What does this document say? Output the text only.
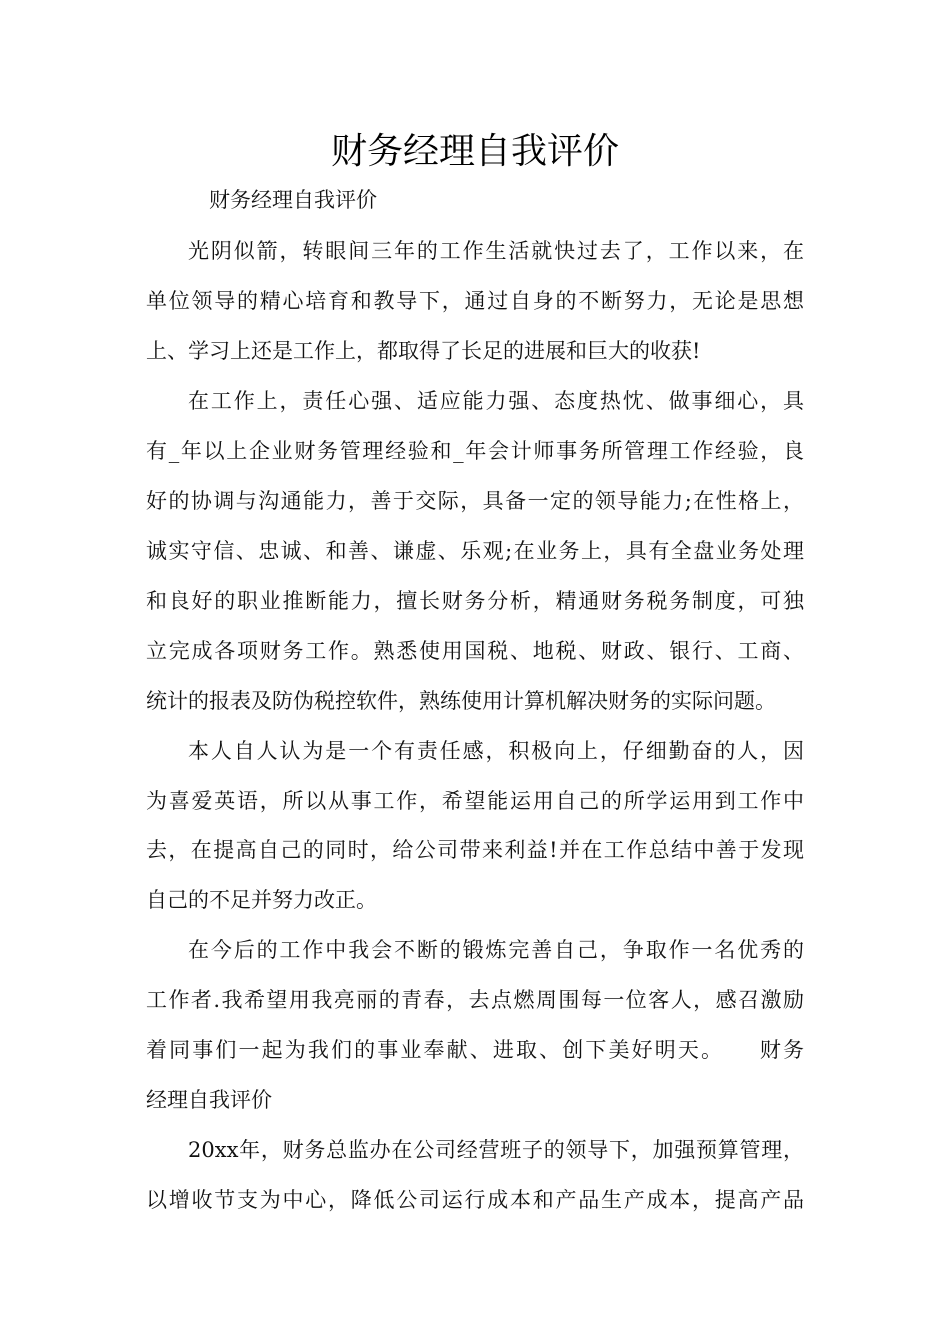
财务经理自我评价
财务经理自我评价
光阴似箭，转眼间三年的工作生活就快过去了，工作以来，在
单位领导的精心培育和教导下，通过自身的不断努力，无论是思想
上、学习上还是工作上，都取得了长足的进展和巨大的收获!
在工作上，责任心强、适应能力强、态度热忱、做事细心，具
有_年以上企业财务管理经验和_年会计师事务所管理工作经验，良
好的协调与沟通能力，善于交际，具备一定的领导能力;在性格上，
诚实守信、忠诚、和善、谦虚、乐观;在业务上，具有全盘业务处理
和良好的职业推断能力，擅长财务分析，精通财务税务制度，可独
立完成各项财务工作。熟悉使用国税、地税、财政、银行、工商、
统计的报表及防伪税控软件，熟练使用计算机解决财务的实际问题。
本人自人认为是一个有责任感，积极向上，仔细勤奋的人，因
为喜爱英语，所以从事工作，希望能运用自己的所学运用到工作中
去，在提高自己的同时，给公司带来利益!并在工作总结中善于发现
自己的不足并努力改正。
在今后的工作中我会不断的锻炼完善自己，争取作一名优秀的
工作者.我希望用我亮丽的青春，去点燃周围每一位客人，感召激励
着同事们一起为我们的事业奉献、进取、创下美好明天。　　财务
经理自我评价
20xx年，财务总监办在公司经营班子的领导下，加强预算管理，
以增收节支为中心，降低公司运行成本和产品生产成本，提高产品
